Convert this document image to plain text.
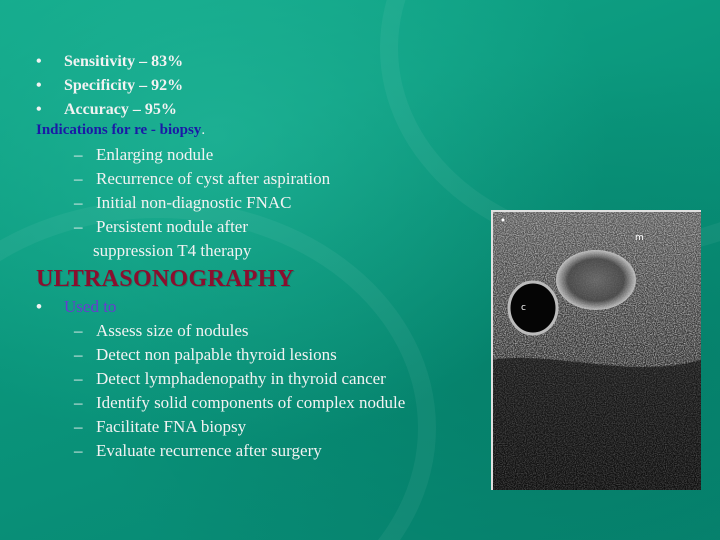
• Sensitivity – 83%
• Specificity – 92%
• Accuracy – 95%
Indications for re - biopsy.
– Enlarging nodule
– Recurrence of cyst after aspiration
– Initial non-diagnostic FNAC
– Persistent nodule after
suppression T4 therapy
ULTRASONOGRAPHY
• Used to
– Assess size of nodules
– Detect non palpable thyroid lesions
– Detect lymphadenopathy in thyroid cancer
– Identify solid components of complex nodule
– Facilitate FNA biopsy
– Evaluate recurrence after surgery
c
m
